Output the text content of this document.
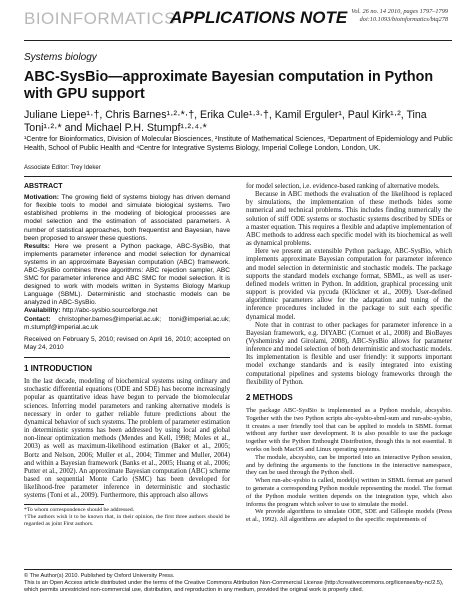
BIOINFORMATICS
APPLICATIONS NOTE Vol. 26 no. 14 2010, pages 1797–1799
doi:10.1093/bioinformatics/btq278
Systems biology
ABC-SysBio—approximate Bayesian computation in Python with GPU support
Juliane Liepe¹·†, Chris Barnes¹·²·*·†, Erika Cule¹·³·†, Kamil Erguler¹, Paul Kirk¹·², Tina Toni¹·²·* and Michael P.H. Stumpf¹·²·⁴·*
¹Centre for Bioinformatics, Division of Molecular Biosciences, ²Institute of Mathematical Sciences, ³Department of Epidemiology and Public Health, School of Public Health and ⁴Centre for Integrative Systems Biology, Imperial College London, London, UK.
Associate Editor: Trey Ideker
ABSTRACT

Motivation: The growing field of systems biology has driven demand for flexible tools to model and simulate biological systems. Two established problems in the modeling of biological processes are model selection and the estimation of associated parameters. A number of statistical approaches, both frequentist and Bayesian, have been proposed to answer these questions.

Results: Here we present a Python package, ABC-SysBio, that implements parameter inference and model selection for dynamical systems in an approximate Bayesian computation (ABC) framework. ABC-SysBio combines three algorithms: ABC rejection sampler, ABC SMC for parameter inference and ABC SMC for model selection. It is designed to work with models written in Systems Biology Markup Language (SBML). Deterministic and stochastic models can be analyzed in ABC-SysBio.

Availability: http://abc-sysbio.sourceforge.net

Contact: christopher.barnes@imperial.ac.uk; ttoni@imperial.ac.uk; m.stumpf@imperial.ac.uk

Received on February 5, 2010; revised on April 16, 2010; accepted on May 24, 2010

1 INTRODUCTION

In the last decade, modeling of biochemical systems using ordinary and stochastic differential equations (ODE and SDE) has become increasingly popular as quantitative ideas have begun to pervade the biomolecular sciences. Inferring model parameters and ranking alternative models is necessary in order to gather reliable future predictions about the dynamical behavior of such systems. The problem of parameter estimation in deterministic systems has been addressed by using local and global non-linear optimization methods (Mendes and Kell, 1998; Moles et al., 2003) as well as maximum-likelihood estimation (Baker et al., 2005; Bortz and Nelson, 2006; Muller et al., 2004; Timmer and Muller, 2004) and within a Bayesian framework (Banks et al., 2005; Huang et al., 2006; Putter et al., 2002). An approximate Bayesian computation (ABC) scheme based on sequential Monte Carlo (SMC) has been developed for likelihood-free parameter inference in deterministic and stochastic systems (Toni et al., 2009). Furthermore, this approach also allows

*To whom correspondence should be addressed.

†The authors wish it to be known that, in their opinion, the first three authors should be regarded as joint First authors.

for model selection, i.e. evidence-based ranking of alternative models.

Because in ABC methods the evaluation of the likelihood is replaced by simulations, the implementation of these methods hides some numerical and technical problems. This includes finding numerically the solution of stiff ODE systems or stochastic systems described by SDEs or a master equation. This requires a flexible and adaptive implementation of ABC methods to address each specific model with its biochemical as well as dynamical problems.

Here we present an extensible Python package, ABC-SysBio, which implements approximate Bayesian computation for parameter inference and model selection in deterministic and stochastic models. The package supports the standard models exchange format, SBML, as well as user-defined models written in Python. In addition, graphical processing unit support is provided via pycuda (Klöckner et al., 2009). User-defined algorithmic parameters allow for the adaptation and tuning of the inference procedures included in the package to suit each specific dynamical model.

Note that in contrast to other packages for parameter inference in a Bayesian framework, e.g. DIYABC (Cornuet et al., 2008) and BioBayes (Vyshemirsky and Girolami, 2008), ABC-SysBio allows for parameter inference and model selection of both deterministic and stochastic models. Its implementation is flexible and user friendly: it supports important model exchange standards and is easily integrated into existing computational pipelines and systems biology frameworks through the flexibility of Python.

2 METHODS

The package ABC-SysBio is implemented as a Python module, abcsysbio. Together with the two Python scripts abc-sysbio-sbml-sum and run-abc-sysbio, it creates a user friendly tool that can be applied to models in SBML format without any further user development. It is also possible to use the package together with the Python Enthought Distribution, though this is not essential. It works on both MacOS and Linux operating systems.

The module, abcsysbio, can be imported into an interactive Python session, and by defining the arguments to the functions in the interactive namespace, they can be used through the Python shell.

When run-abc-sysbio is called, model(s) written in SBML format are parsed to generate a corresponding Python module representing the model. The format of the Python module written depends on the integration type, which also informs the program which solver to use to simulate the model.

We provide algorithms to simulate ODE, SDE and Gillespie models (Press et al., 1992). All algorithms are adapted to the specific requirements of

© The Author(s) 2010. Published by Oxford University Press.
This is an Open Access article distributed under the terms of the Creative Commons Attribution Non-Commercial License (http://creativecommons.org/licenses/by-nc/2.5), which permits unrestricted non-commercial use, distribution, and reproduction in any medium, provided the original work is properly cited.
